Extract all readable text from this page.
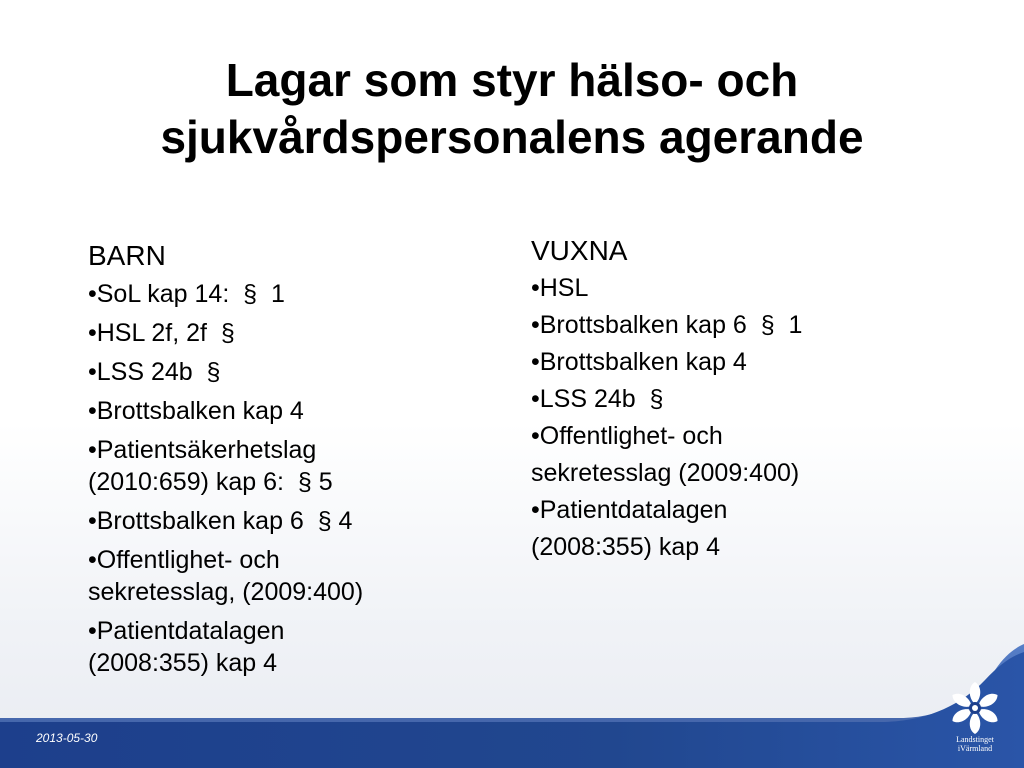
Lagar som styr hälso- och
sjukvårdspersonalens agerande
BARN
•SoL kap 14:  §  1
•HSL 2f, 2f  §
•LSS 24b  §
•Brottsbalken kap 4
•Patientsäkerhetslag
(2010:659) kap 6:  § 5
•Brottsbalken kap 6  § 4
•Offentlighet- och
sekretesslag, (2009:400)
•Patientdatalagen
(2008:355) kap 4
VUXNA
•HSL
•Brottsbalken kap 6  §  1
•Brottsbalken kap 4
•LSS 24b  §
•Offentlighet- och
sekretesslag (2009:400)
•Patientdatalagen
(2008:355) kap 4
2013-05-30	Landstinget
iVärmland
